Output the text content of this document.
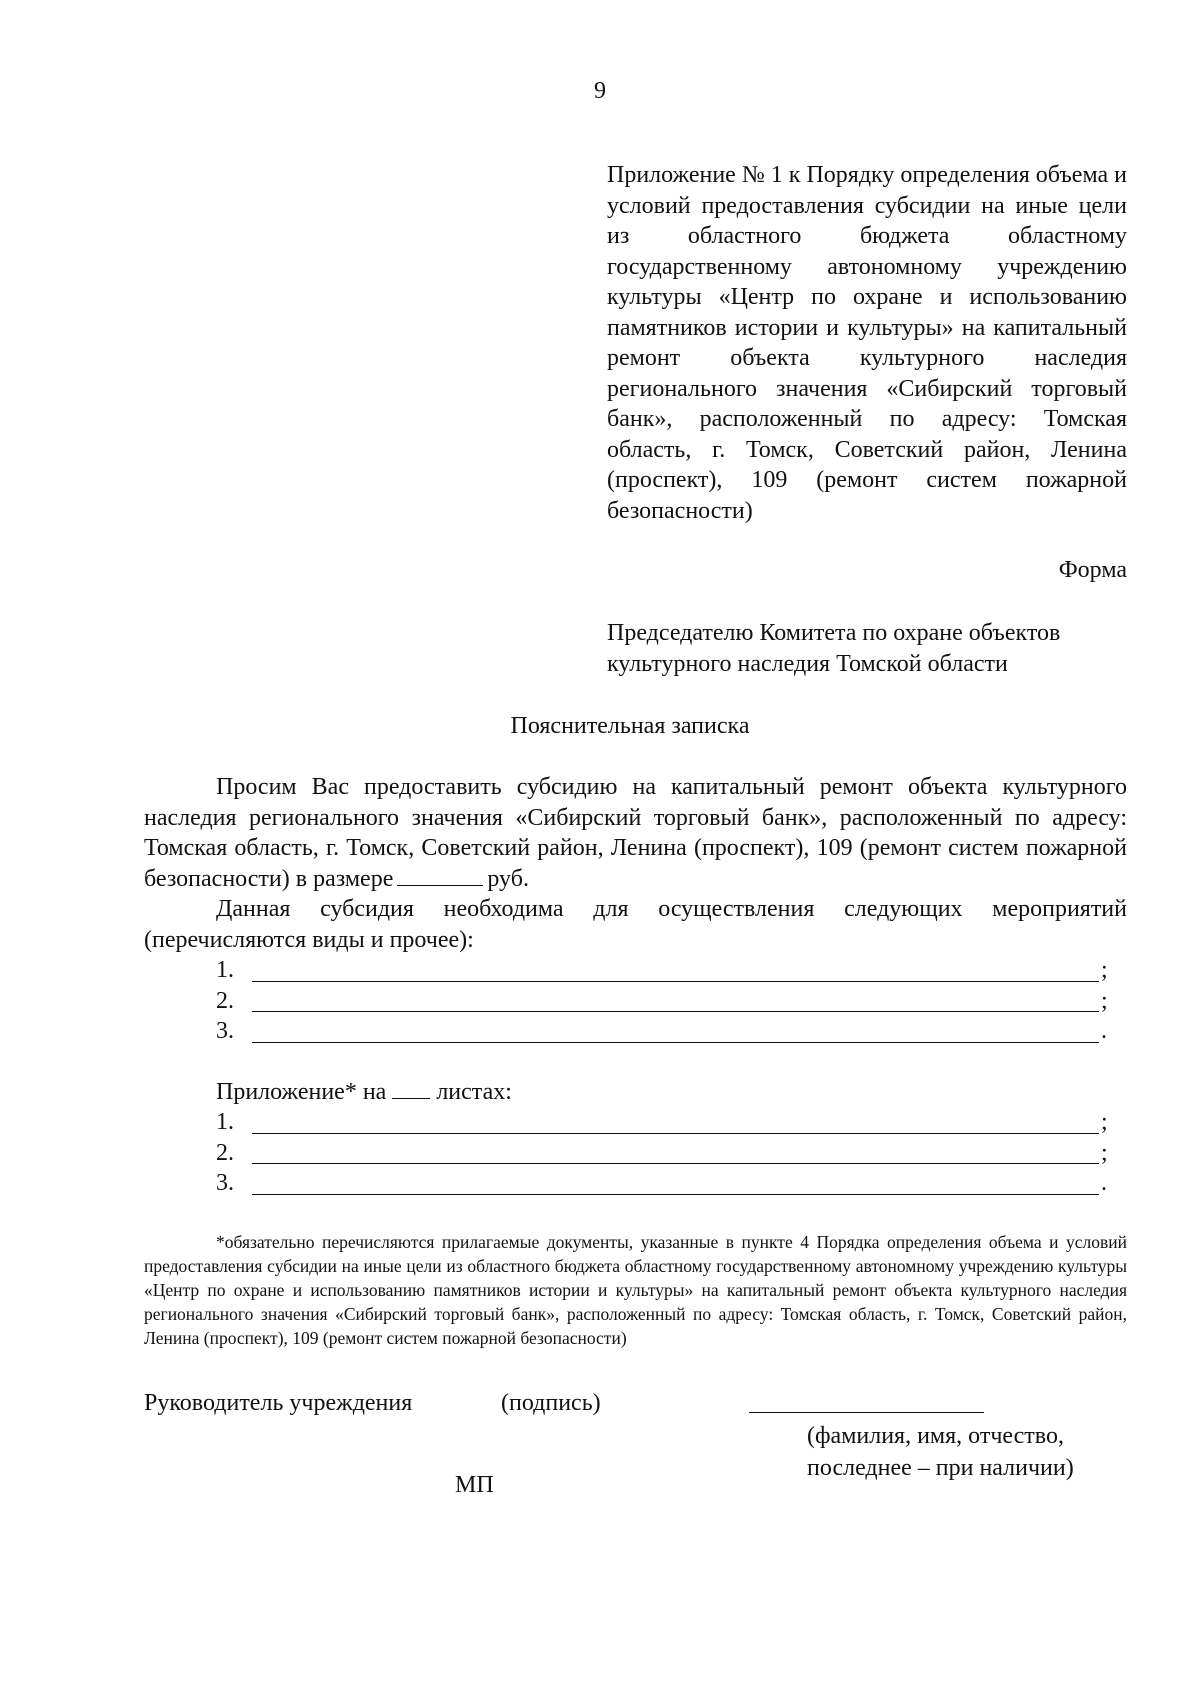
9
Приложение № 1 к Порядку определения объема и условий предоставления субсидии на иные цели из областного бюджета областному государственному автономному учреждению культуры «Центр по охране и использованию памятников истории и культуры» на капитальный ремонт объекта культурного наследия регионального значения «Сибирский торговый банк», расположенный по адресу: Томская область, г. Томск, Советский район, Ленина (проспект), 109 (ремонт систем пожарной безопасности)
Форма
Председателю Комитета по охране объектов культурного наследия Томской области
Пояснительная записка

Просим Вас предоставить субсидию на капитальный ремонт объекта культурного наследия регионального значения «Сибирский торговый банк», расположенный по адресу: Томская область, г. Томск, Советский район, Ленина (проспект), 109 (ремонт систем пожарной безопасности) в размере	руб.

Данная субсидия необходима для осуществления следующих мероприятий (перечисляются виды и прочее):

1.	;
2.	;
3.	.
Приложение* на листах:
1.	;
2.	;
3.	.
*обязательно перечисляются прилагаемые документы, указанные в пункте 4 Порядка определения объема и условий предоставления субсидии на иные цели из областного бюджета областному государственному автономному учреждению культуры «Центр по охране и использованию памятников истории и культуры» на капитальный ремонт объекта культурного наследия регионального значения «Сибирский торговый банк», расположенный по адресу: Томская область, г. Томск, Советский район, Ленина (проспект), 109 (ремонт систем пожарной безопасности)
Руководитель учреждения	(подпись)
(фамилия, имя, отчество,
последнее – при наличии)
МП
